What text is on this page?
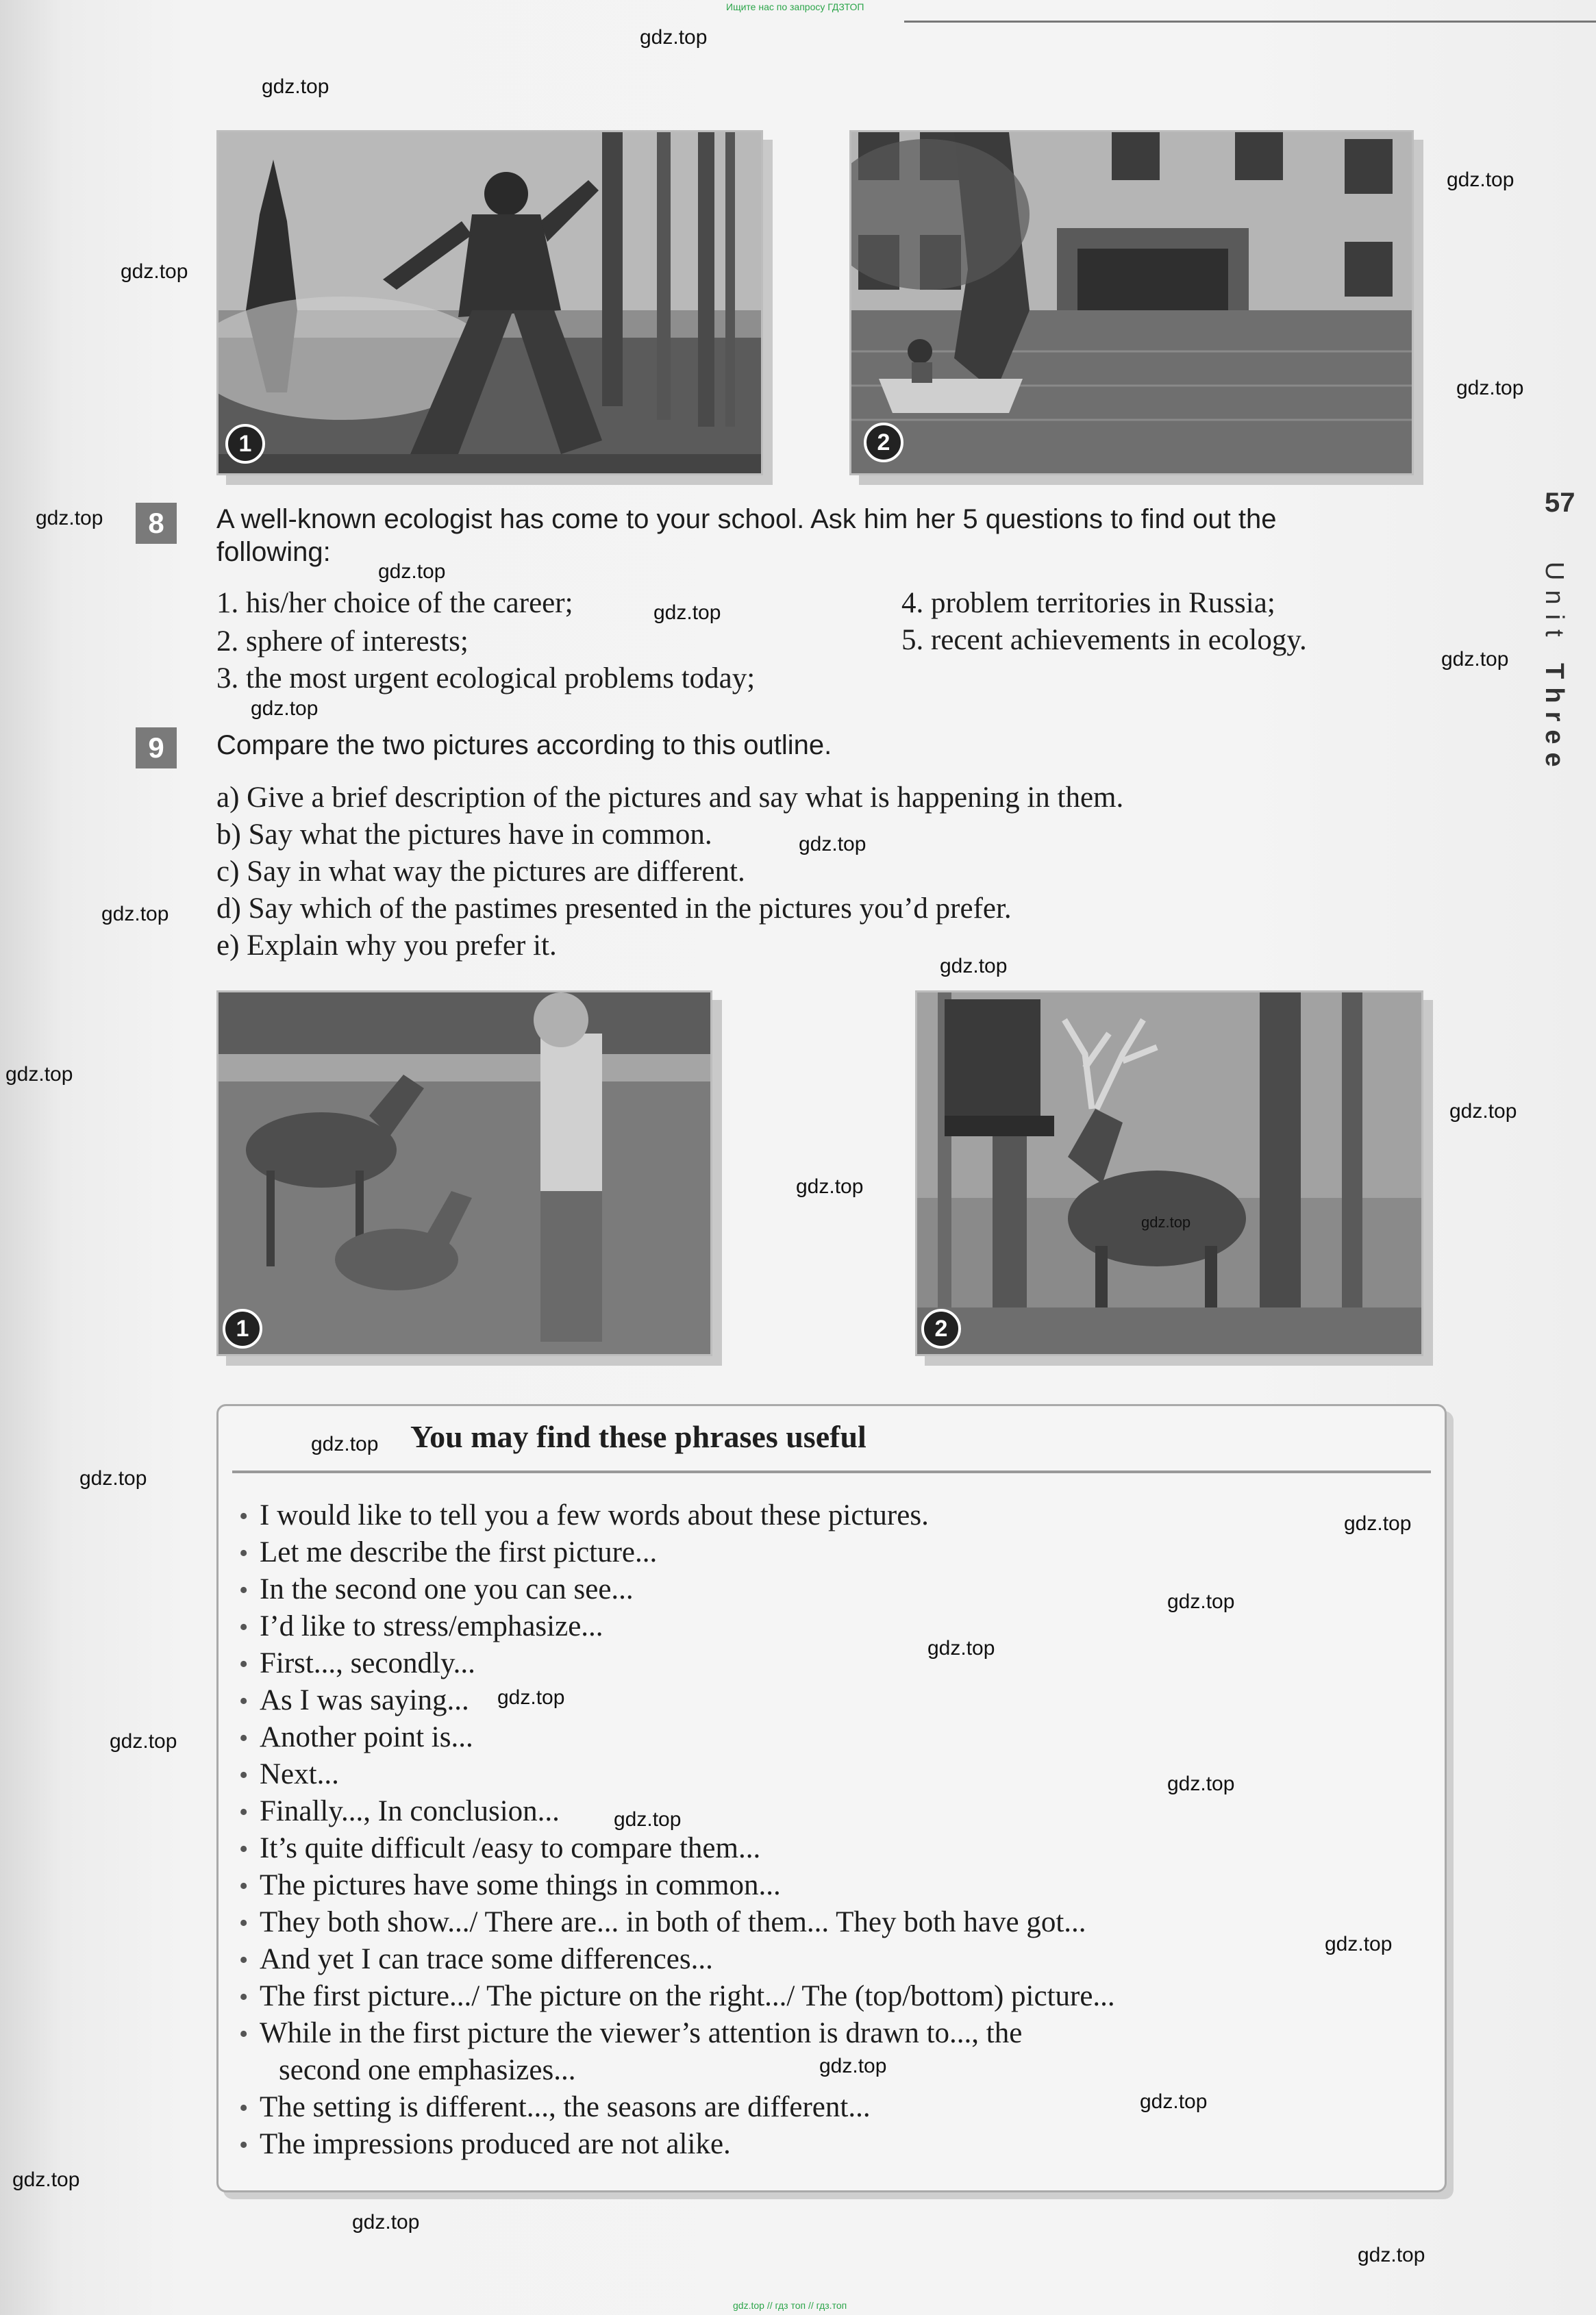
Ищите нас по запросу ГДЗТОП
gdz.top // гдз топ // гдз.топ
57
Unit Three
1	2
8	A well-known ecologist has come to your school. Ask him her 5 questions to find out the
following:
1. his/her choice of the career;
2. sphere of interests;
3. the most urgent ecological problems today;
4. problem territories in Russia;
5. recent achievements in ecology.
9	Compare the two pictures according to this outline.
a) Give a brief description of the pictures and say what is happening in them.
b) Say what the pictures have in common.
c) Say in what way the pictures are different.
d) Say which of the pastimes presented in the pictures you’d prefer.
e) Explain why you prefer it.
1	2
You may find these phrases useful
• I would like to tell you a few words about these pictures.
• Let me describe the first picture...
• In the second one you can see...
• I’d like to stress/emphasize...
• First..., secondly...
• As I was saying...
• Another point is...
• Next...
• Finally..., In conclusion...
• It’s quite difficult /easy to compare them...
• The pictures have some things in common...
• They both show.../ There are... in both of them... They both have got...
• And yet I can trace some differences...
• The first picture.../ The picture on the right.../ The (top/bottom) picture...
• While in the first picture the viewer’s attention is drawn to..., the
second one emphasizes...
• The setting is different..., the seasons are different...
• The impressions produced are not alike.
gdz.top
gdz.top
gdz.top
gdz.top
gdz.top
gdz.top
gdz.top
gdz.top
gdz.top
gdz.top
gdz.top
gdz.top
gdz.top
gdz.top
gdz.top
gdz.top
gdz.top
gdz.top
gdz.top
gdz.top
gdz.top
gdz.top
gdz.top
gdz.top
gdz.top
gdz.top
gdz.top
gdz.top
gdz.top
gdz.top
gdz.top
gdz.top
